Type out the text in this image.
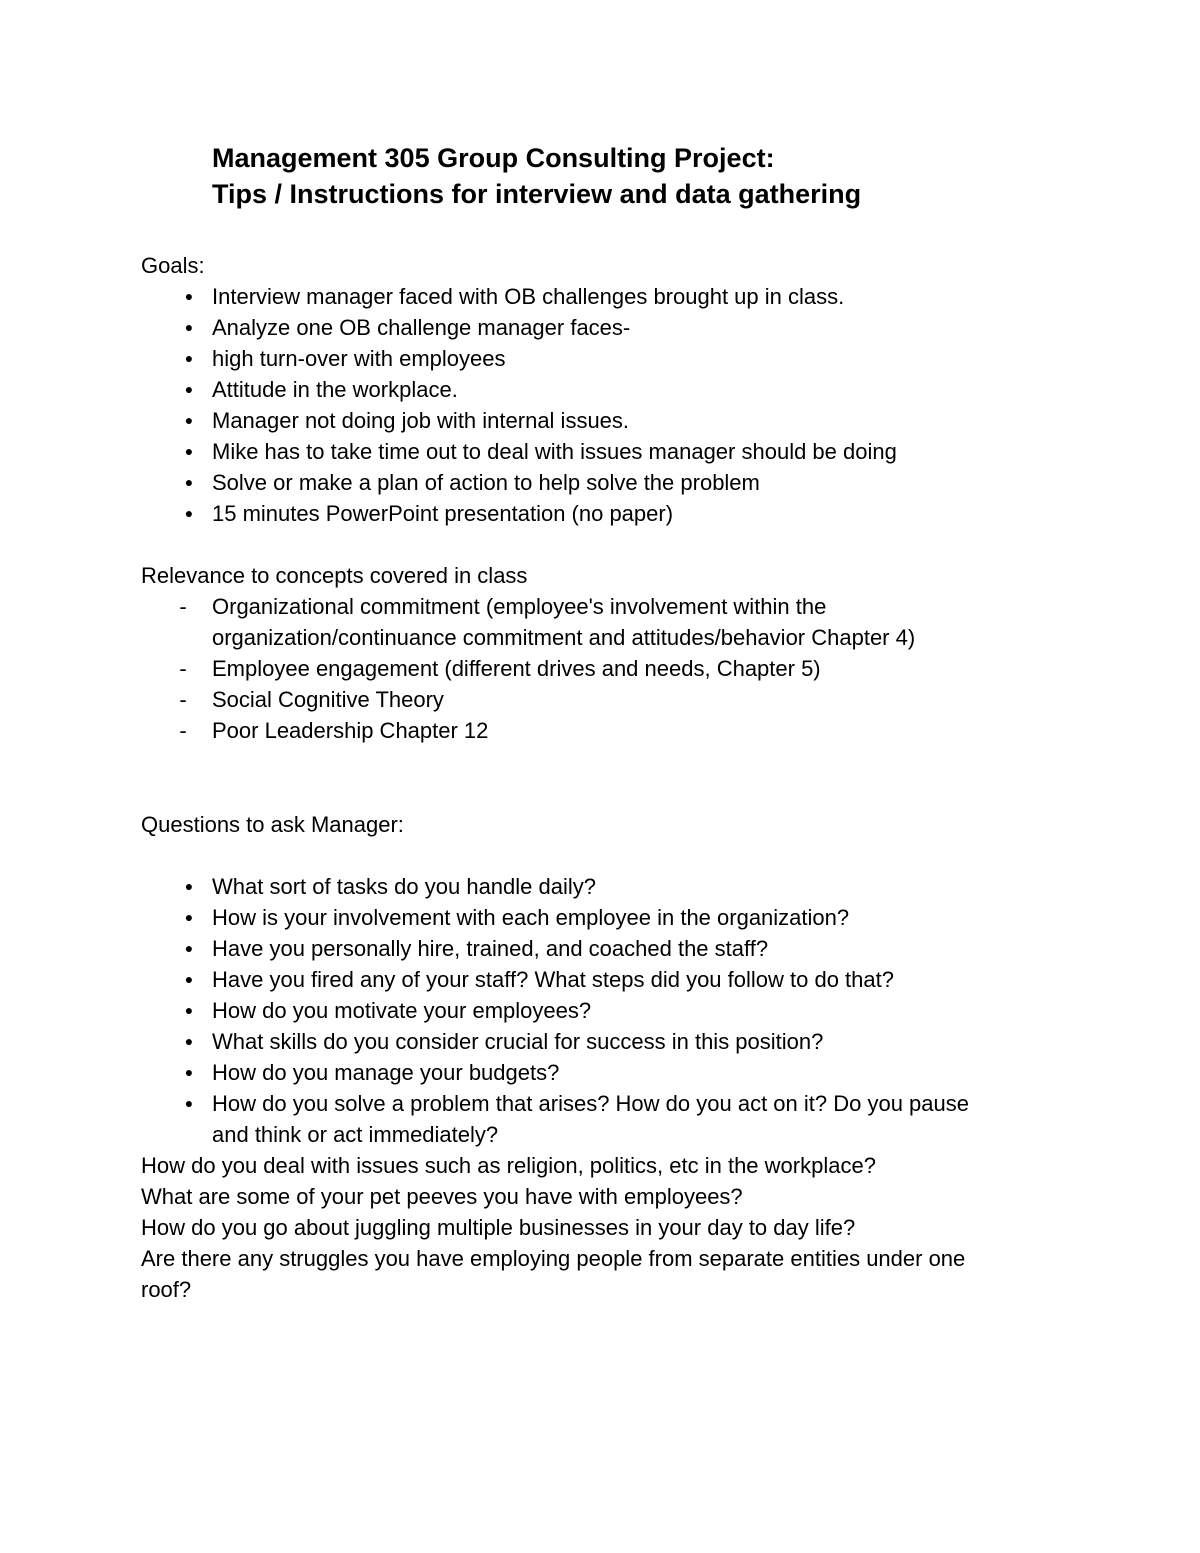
Management 305 Group Consulting Project:
Tips / Instructions for interview and data gathering
Goals:
● Interview manager faced with OB challenges brought up in class.
● Analyze one OB challenge manager faces-
● high turn-over with employees
● Attitude in the workplace.
● Manager not doing job with internal issues.
● Mike has to take time out to deal with issues manager should be doing
● Solve or make a plan of action to help solve the problem
● 15 minutes PowerPoint presentation (no paper)
Relevance to concepts covered in class
- Organizational commitment (employee's involvement within the
organization/continuance commitment and attitudes/behavior Chapter 4)
- Employee engagement (different drives and needs, Chapter 5)
- Social Cognitive Theory
- Poor Leadership Chapter 12
Questions to ask Manager:
● What sort of tasks do you handle daily?
● How is your involvement with each employee in the organization?
● Have you personally hire, trained, and coached the staff?
● Have you fired any of your staff? What steps did you follow to do that?
● How do you motivate your employees?
● What skills do you consider crucial for success in this position?
● How do you manage your budgets?
● How do you solve a problem that arises? How do you act on it? Do you pause
and think or act immediately?
How do you deal with issues such as religion, politics, etc in the workplace?
What are some of your pet peeves you have with employees?
How do you go about juggling multiple businesses in your day to day life?
Are there any struggles you have employing people from separate entities under one
roof?
